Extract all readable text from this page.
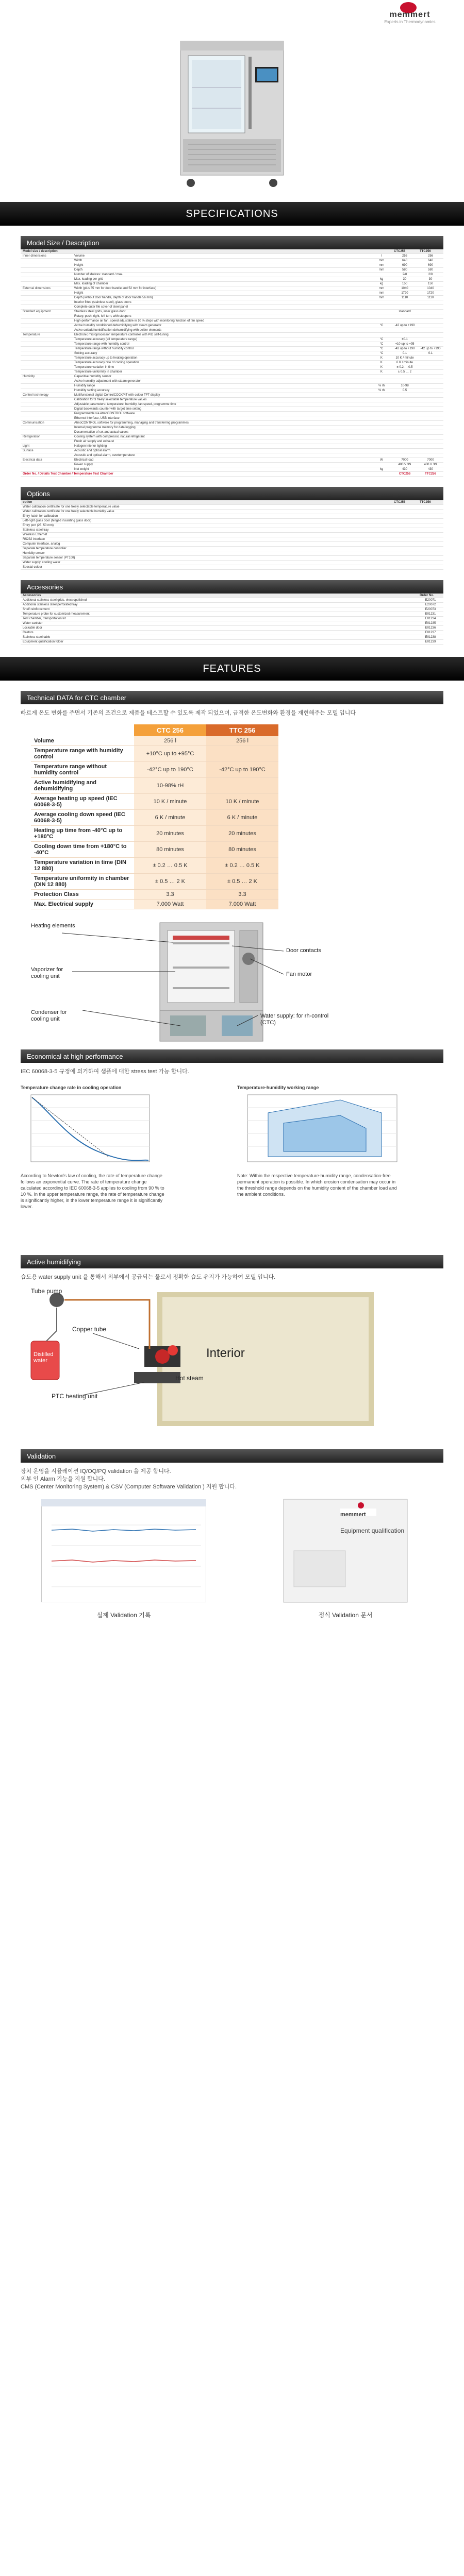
memmert
Experts in Thermodynamics
SPECIFICATIONS
Model Size / Description
Model size / description			CTC256	TTC256
Inner dimensions	Volume	l	256	256
	Width	mm	640	640
	Height	mm	690	690
	Depth	mm	580	580
	Number of shelves: standard / max.		2/8	2/8
	Max. loading per grid	kg	30	30
	Max. loading of chamber	kg	150	150
External dimensions	Width (plus 55 mm for door handle and 52 mm for interface)	mm	1040	1040
	Height	mm	1720	1720
	Depth (without door handle, depth of door handle 56 mm)	mm	1110	1110
	Interior fitted (stainless steel), glass doors			
	Complete outer file cover of steel panel			
Standard equipment	Stainless steel grids, inner glass door		standard	
	Rotary, push, right, left turn, with stoppers			
	High-performance air fan, speed adjustable in 10 % steps with monitoring function of fan speed			
	Active humidity conditioned dehumidifying with steam generator	°C	-42 up to +190	
	Active cold/dehumidification dehumidifying with peltier elements			
Temperature	Electronic microprocessor temperature controller with PID self-tuning			
	Temperature accuracy (all temperature range)	°C	±0.1	
	Temperature range with humidity control	°C	+10 up to +95	
	Temperature range without humidity control	°C	-42 up to +190	-42 up to +190
	Setting accuracy	°C	0.1	0.1
	Temperature accuracy up to heating operation	K	10 K / minute	
	Temperature accuracy rate of cooling operation	K	6 K / minute	
	Temperature variation in time	K	± 0.2 … 0.5	
	Temperature uniformity in chamber	K	± 0.5 … 2	
Humidity	Capacitive humidity sensor			
	Active humidity adjustment with steam generator			
	Humidity range	% rh	10-98	
	Humidity setting accuracy	% rh	0.5	
Control technology	Multifunctional digital ControlCOCKPIT with colour TFT display			
	Calibration for 3 freely selectable temperature values			
	Adjustable parameters: temperature, humidity, fan speed, programme time			
	Digital backwards counter with target time setting			
	Programmable via AtmoCONTROL software			
	Ethernet interface, USB interface			
Communication	AtmoCONTROL software for programming, managing and transferring programmes			
	Internal programme memory for data logging			
	Documentation of set and actual values			
Refrigeration	Cooling system with compressor, natural refrigerant			
	Fresh air supply and exhaust			
Light	Halogen interior lighting			
Surface	Acoustic and optical alarm			
	Acoustic and optical alarm, overtemperature			
Electrical data	Electrical load	W	7000	7000
	Power supply		400 V 3N	400 V 3N
	Net weight	kg	430	430
Order No. / Details Test Chamber / Temperature Test Chamber			CTC256	TTC256
Options
option	CTC256	TTC256
Water calibration certificate for one freely selectable temperature value		
Water calibration certificate for one freely selectable humidity value		
Entry hatch for calibration		
Left-right glass door (hinged insulating glass door)		
Entry port (25, 50 mm)		
Stainless steel tray		
Wireless Ethernet		
RS232 interface		
Computer interface, analog		
Separate temperature controller		
Humidity sensor		
Separate temperature sensor (PT100)		
Water supply, cooling water		
Special colour		
Accessories
Accessories	Order No.
Additional stainless steel grids, electropolished	E20071
Additional stainless steel perforated tray	E20072
Shelf reinforcement	E20073
Temperature probe for customized measurement	E01231
Test chamber, transportation kit	E01234
Water canister	E01235
Lockable door	E01236
Castors	E01237
Stainless steel table	E01238
Equipment qualification folder	E01239
FEATURES
Technical DATA for CTC chamber
빠르게 온도 변화를 주면서 기존의 조건으로 제품을 테스트할 수 있도록 제작 되었으며, 급격한 온도변화와 환경을 재현해주는 모델 입니다
	CTC 256	TTC 256
Volume	256 l	256 l
Temperature range with humidity control	+10°C up to +95°C	
Temperature range without humidity control	-42°C up to 190°C	-42°C up to 190°C
Active humidifying and dehumidifying	10-98% rH	
Average heating up speed (IEC 60068-3-5)	10 K / minute	10 K / minute
Average cooling down speed (IEC 60068-3-5)	6 K / minute	6 K / minute
Heating up time from -40°C up to +180°C	20 minutes	20 minutes
Cooling down time from +180°C to -40°C	80 minutes	80 minutes
Temperature variation in time (DIN 12 880)	± 0.2 … 0.5 K	± 0.2 … 0.5 K
Temperature uniformity in chamber (DIN 12 880)	± 0.5 … 2 K	± 0.5 … 2 K
Protection Class	3.3	3.3
Max. Electrical supply	7.000 Watt	7.000 Watt
Heating elements
Vaporizer for cooling unit
Condenser for cooling unit
Door contacts
Fan motor
Water supply: for rh-control (CTC)
Economical at high performance
IEC 60068-3-5 규정에 의거하여 샘플에 대한 stress test 가능 합니다.
Temperature change rate in cooling operation	Temperature-humidity working range
According to Newton's law of cooling, the rate of temperature change follows an exponential curve. The rate of temperature change calculated according to IEC 60068-3-5 applies to cooling from 90 % to 10 %. In the upper temperature range, the rate of temperature change is significantly higher, in the lower temperature range it is significantly lower.
Note: Within the respective temperature-humidity range, condensation-free permanent operation is possible. In which erosion condensation may occur in the threshold range depends on the humidity content of the chamber load and the ambient conditions.
Active humidifying
습도용 water supply unit 을 통해서 외부에서 공급되는 물로서 정확한 습도 유지가 가능하여 모델 입니다.
Tube pump
Distilled water
Copper tube
Interior
Hot steam
PTC heating unit
Validation
장치 운영을 시뮬레이션 IQ/OQ/PQ validation 을 제공 합니다.
외부 인 Alarm 기능을 지원 합니다.
CMS (Center Monitoring System) & CSV (Computer Software Validation ) 지원 합니다.
memmert
Equipment qualification
실제 Validation 기록	정식 Validation 문서
